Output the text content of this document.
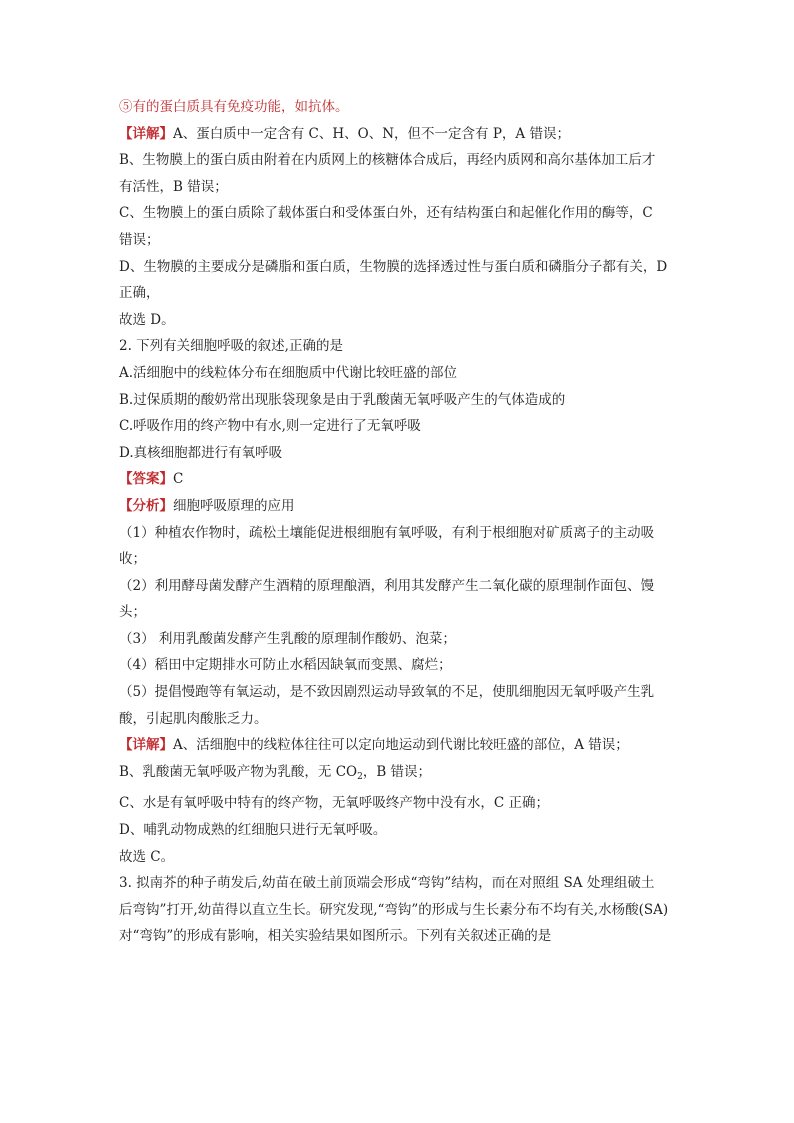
⑤有的蛋白质具有免疫功能，如抗体。

【详解】A、蛋白质中一定含有 C、H、O、N，但不一定含有 P，A 错误；

B、生物膜上的蛋白质由附着在内质网上的核糖体合成后，再经内质网和高尔基体加工后才

有活性，B 错误；

C、生物膜上的蛋白质除了载体蛋白和受体蛋白外，还有结构蛋白和起催化作用的酶等，C

错误；

D、生物膜的主要成分是磷脂和蛋白质，生物膜的选择透过性与蛋白质和磷脂分子都有关，D

正确，

故选 D。

2. 下列有关细胞呼吸的叙述,正确的是

A.活细胞中的线粒体分布在细胞质中代谢比较旺盛的部位

B.过保质期的酸奶常出现胀袋现象是由于乳酸菌无氧呼吸产生的气体造成的

C.呼吸作用的终产物中有水,则一定进行了无氧呼吸

D.真核细胞都进行有氧呼吸

【答案】C

【分析】细胞呼吸原理的应用

（1）种植农作物时，疏松土壤能促进根细胞有氧呼吸，有利于根细胞对矿质离子的主动吸

收；

（2）利用酵母菌发酵产生酒精的原理酿酒，利用其发酵产生二氧化碳的原理制作面包、馒

头；

（3） 利用乳酸菌发酵产生乳酸的原理制作酸奶、泡菜；

（4）稻田中定期排水可防止水稻因缺氧而变黑、腐烂；

（5）提倡慢跑等有氧运动，是不致因剧烈运动导致氧的不足，使肌细胞因无氧呼吸产生乳

酸，引起肌肉酸胀乏力。

【详解】A、活细胞中的线粒体往往可以定向地运动到代谢比较旺盛的部位，A 错误；

B、乳酸菌无氧呼吸产物为乳酸，无 $CO_2$，B 错误；

C、水是有氧呼吸中特有的终产物，无氧呼吸终产物中没有水，C 正确；

D、哺乳动物成熟的红细胞只进行无氧呼吸。

故选 C。

3. 拟南芥的种子萌发后,幼苗在破土前顶端会形成“弯钩”结构，而在对照组 SA 处理组破土

后弯钩”打开,幼苗得以直立生长。研究发现,“弯钩”的形成与生长素分布不均有关,水杨酸(SA)

对“弯钩”的形成有影响，相关实验结果如图所示。下列有关叙述正确的是
